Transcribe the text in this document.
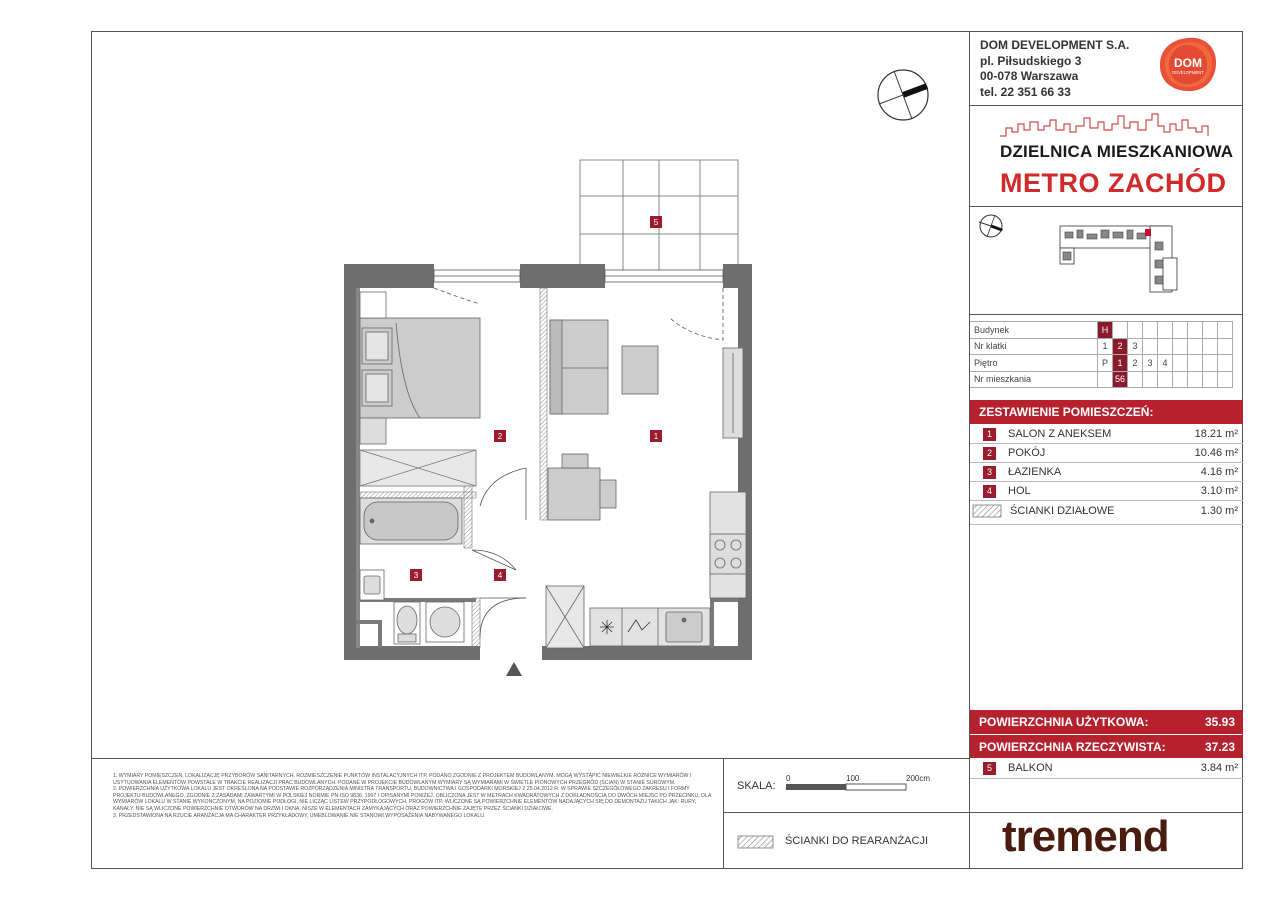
DOM DEVELOPMENT S.A.
pl. Piłsudskiego 3
00-078 Warszawa
tel. 22 351 66 33
DOM
DEVELOPMENT
DZIELNICA MIESZKANIOWA
METRO ZACHÓD
Budynek	H								
Nr klatki	1	2	3						
Piętro	P	1	2	3	4				
Nr mieszkania		56							
ZESTAWIENIE POMIESZCZEŃ:
1	SALON Z ANEKSEM	18.21 m²
2	POKÓJ	10.46 m²
3	ŁAZIENKA	4.16 m²
4	HOL	3.10 m²
ŚCIANKI DZIAŁOWE	1.30 m²
POWIERZCHNIA UŻYTKOWA:	35.93
POWIERZCHNIA RZECZYWISTA:	37.23
5	BALKON	3.84 m²

1. WYMIARY POMIESZCZEŃ, LOKALIZACJĘ PRZYBORÓW SANITARNYCH, ROZMIESZCZENIE PUNKTÓW INSTALACYJNYCH ITP. PODANO ZGODNIE Z PROJEKTEM BUDOWLANYM. MOGĄ WYSTĄPIĆ NIEWIELKIE RÓŻNICE WYMIARÓW I USYTUOWANIA ELEMENTÓW POWSTAŁE W TRAKCIE REALIZACJI PRAC BUDOWLANYCH. PODANE W PROJEKCIE BUDOWLANYM WYMIARY SĄ WYMIARAMI W ŚWIETLE PIONOWYCH PRZEGRÓD (ŚCIAN) W STANIE SUROWYM.

2. POWIERZCHNIA UŻYTKOWA LOKALU JEST OKREŚLONA NA PODSTAWIE ROZPORZĄDZENIA MINISTRA TRANSPORTU, BUDOWNICTWA I GOSPODARKI MORSKIEJ Z 25.04.2012 R. W SPRAWIE SZCZEGÓŁOWEGO ZAKRESU I FORMY PROJEKTU BUDOWLANEGO, ZGODNIE Z ZASADAMI ZAWARTYMI W POLSKIEJ NORMIE PN-ISO 9836: 1997 I OPISANYMI PONIŻEJ. OBLICZONA JEST W METRACH KWADRATOWYCH Z DOKŁADNOŚCIĄ DO DWÓCH MIEJSC PO PRZECINKU, DLA WYMIARÓW LOKALU W STANIE WYKOŃCZONYM, NA POZIOMIE PODŁOGI, NIE LICZĄC LISTEW PRZYPODŁOGOWYCH, PROGÓW ITP. WLICZONE SĄ POWIERZCHNIE ELEMENTÓW NADAJĄCYCH SIĘ DO DEMONTAŻU TAKICH JAK: RURY, KANAŁY. NIE SĄ WLICZONE POWIERZCHNIE OTWORÓW NA DRZWI I OKNA, NISZE W ELEMENTACH ZAMYKAJĄCYCH ORAZ POWIERZCHNIE ZAJĘTE PRZEZ ŚCIANKI DZIAŁOWE.

3. PRZEDSTAWIONA NA RZUCIE ARANŻACJA MA CHARAKTER PRZYKŁADOWY, UMEBLOWANIE NIE STANOWI WYPOSAŻENIA NABYWANEGO LOKALU.

SKALA:
0	100	200cm
ŚCIANKI DO REARANŻACJI tremend
5
1
2
3	4
